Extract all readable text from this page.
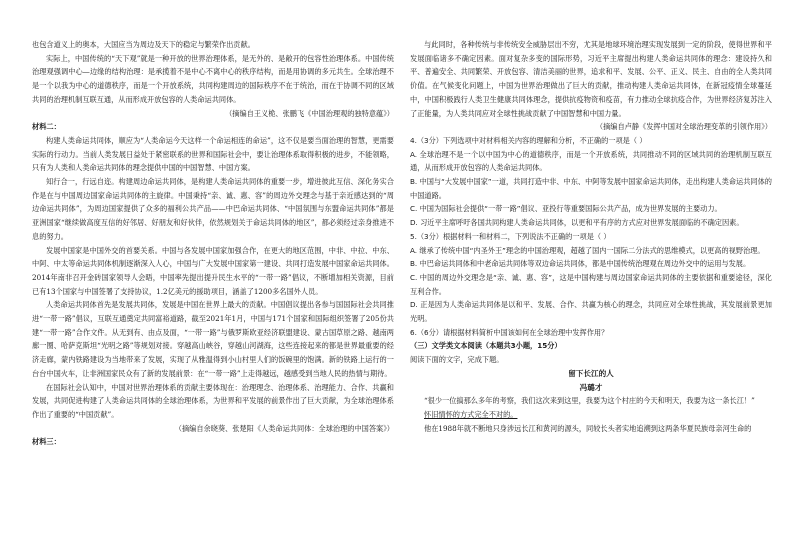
也包含道义上的奥本，大国应当为周边及天下的稳定与繁荣作出贡献。

实际上，中国传统的“天下观”就是一种开放的世界治理体系，是无外的、是敞开的包容性治理体系。中国传统治理观强调中心—边缘的结构治理：是承揽着不是中心不离中心的秩序结构，而是用协调的多元共生。全球治理不是一个以我为中心的道德秩序，而是一个开放系统，共同构建周边的国际秩序不在于统治，而在于协调不同的区域共同的治理机制互联互通，从而形成开放包容的人类命运共同体。

（摘编自王义桅、张鹏飞《中国治理观的独特意蕴》）

材料二：

构建人类命运共同体，顺应为“人类命运今天这样一个命运相连的命运”，这不仅是要当面治理的智慧，更需要实际的行动力。当前人类发展日益处于紧密联系的世界和国际社会中，要让治理体系取得积极的进步，不能领略，只有为人类和人类命运共同体的理念提供中国的中国智慧、中国方案。

知行合一，行远自迩。构建周边命运共同体，是构建人类命运共同体的重要一步，增进彼此互信、深化务实合作是在与中国周边国家命运共同体的主旋律。中国秉持“亲、诚、惠、容”的周边外交理念与基于亲近感达到的“周边命运共同体”，为周边国家提供了众多的福利公共产品——中巴命运共同体、“中国氛围与东盟命运共同体”都是亚洲国家“继续做高度互信的好邻居、好朋友和好伙伴，依然规划关于命运共同体的地区”，都必须经过亲身推进不息的努力。

发展中国家是中国外交的首要关系。中国与各发展中国家加强合作，在更大的地区范围，中非、中拉、中东、中阿、中太等命运共同体机制逐渐深入人心，中国与广大发展中国家第一建设、共同打造发展中国家命运共同体。2014年南非召开金砖国家领导人会晤，中国率先提出提升民生水平的“一带一路”倡议，不断增加相关资源，目前已有13个国家与中国签署了支持协议，1.2亿美元的援助项目，涵盖了1200多名国外人员。

人类命运共同体首先是发展共同体，发展是中国在世界上最大的贡献。中国倡议提出各参与国国际社会共同推进“一带一路”倡议，互联互通奠定共同富裕道路，截至2021年1月，中国与171个国家和国际组织签署了205份共建“一带一路”合作文件。从无到有、由点及面，“一带一路”与俄罗斯欧亚经济联盟建设、蒙古国草原之路、越南两廊一圈、哈萨克斯坦“光明之路”等规划对接。穿越高山峡谷，穿越山河湖海，这些连接起来的都是世界最重要的经济走廊，蒙内铁路建设为当地带来了发展，实现了从雅温得到小山村里人们的饭碗里的饱满。新的铁路上运行的一台台中国火车，让非洲国家民众有了新的发展前景：在“一带一路”上走得越远，越感受到当地人民的热情与期待。

在国际社会认知中，中国对世界治理体系的贡献主要体现在：治理理念、治理体系、治理能力、合作、共赢和发展，共同促进构建了人类命运共同体的全球治理体系，为世界和平发展的前景作出了巨大贡献，为全球治理体系作出了重要的“中国贡献”。

（摘编自余晓葵、张楚阳《人类命运共同体：全球治理的中国答案》）

材料三：

与此同时，各种传统与非传统安全威胁层出不穷，尤其是地球环境治理实现发展到一定的阶段，使得世界和平发展面临诸多不确定因素。面对复杂多变的国际形势，习近平主席提出构建人类命运共同体的理念：建设持久和平、普遍安全、共同繁荣、开放包容、清洁美丽的世界，追求和平、发展、公平、正义、民主、自由的全人类共同价值。在气候变化问题上，中国为世界治理做出了巨大的贡献，推动构建人类命运共同体，在新冠疫情全球蔓延中，中国积极践行人类卫生健康共同体理念，提供抗疫物资和疫苗，有力推动全球抗疫合作，为世界经济复苏注入了正能量，为人类共同应对全球性挑战贡献了中国智慧和中国力量。

（摘编自卢静《发挥中国对全球治理变革的引领作用》）

4.（3分）下列选项中对材料相关内容的理解和分析，不正确的一项是（ ）

A. 全球治理不是一个以中国为中心的道德秩序，而是一个开放系统，共同推动不同的区域共同的治理机制互联互通，从而形成开放包容的人类命运共同体。

B. 中国与“大发展中国家”一道，共同打造中非、中东、中阿等发展中国家命运共同体，走出构建人类命运共同体的中国道路。

C. 中国为国际社会提供“一带一路”倡议、亚投行等重要国际公共产品，成为世界发展的主要动力。

D. 习近平主席呼吁各国共同构建人类命运共同体，以更和平有序的方式应对世界发展面临的不确定因素。

5.（3分）根据材料一和材料二，下列说法不正确的一项是（ ）

A. 继承了传统中国“内圣外王”理念的中国治理观，超越了国内一国际二分法式的思维模式，以更高的视野治理。

B. 中巴命运共同体和中老命运共同体等双边命运共同体，都是中国传统治理观在周边外交中的运用与发展。

C. 中国的周边外交理念是“亲、诚、惠、容”，这是中国构建与周边国家命运共同体的主要依据和重要途径，深化互利合作。

D. 正是因为人类命运共同体是以和平、发展、合作、共赢为核心的理念，共同应对全球性挑战，其发展前景更加光明。

6.（6分）请根据材料简析中国该如何在全球治理中发挥作用？

（三）文学类文本阅读（本题共3小题，15分）

阅读下面的文字，完成下题。

留下长江的人

冯璐才

“很少一位搞那么多年的考察，我们这次来到这里，我要为这个村庄的今天和明天，我要为这一条长江！”

怀旧情怀的方式完全不对的。

他在1988年就不断地只身涉远长江和黄河的源头，同较长头者实地追溯到这两条华夏民族母亲河生命的
